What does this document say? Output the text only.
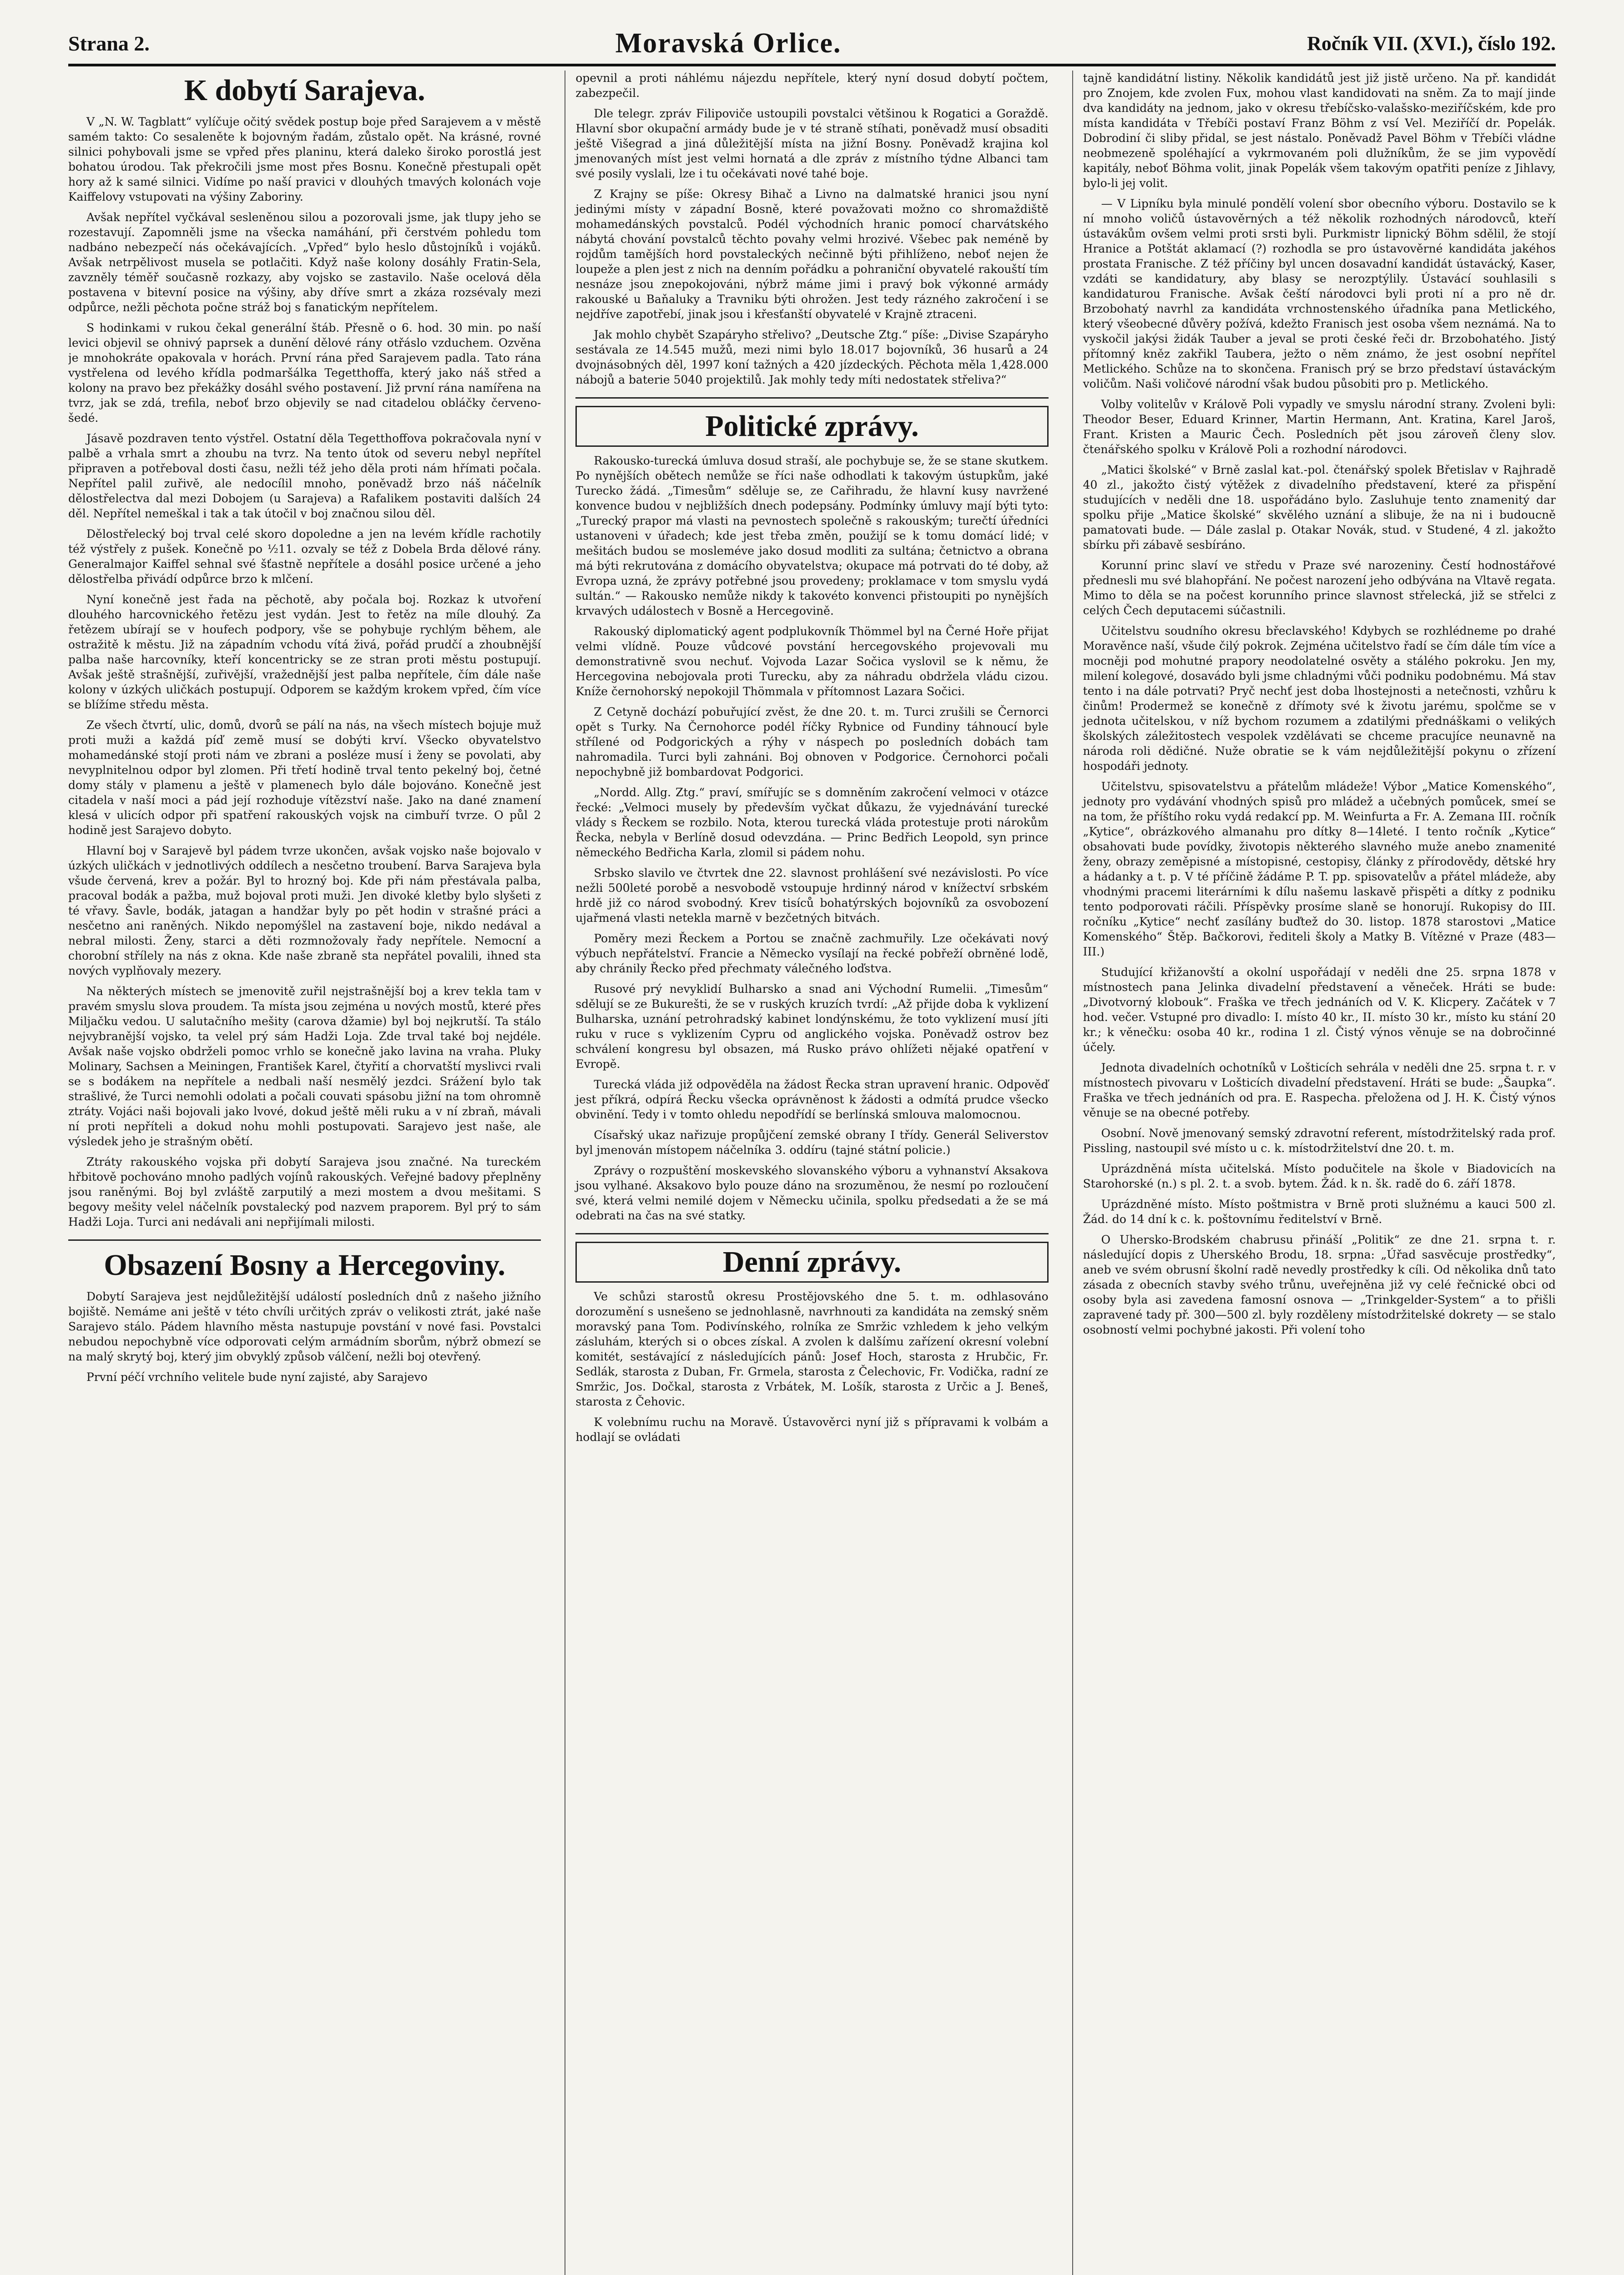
Strana 2.	Moravská Orlice.	Ročník VII. (XVI.), číslo 192.
K dobytí Sarajeva.

V „N. W. Tagblatt“ vylíčuje očitý svědek postup boje před Sarajevem a v městě samém takto: Co sesaleněte k bojovným řadám, zůstalo opět. Na krásné, rovné silnici pohybovali jsme se vpřed přes planinu, která daleko široko porostlá jest bohatou úrodou. Tak překročili jsme most přes Bosnu. Konečně přestupali opět hory až k samé silnici. Vidíme po naší pravici v dlouhých tmavých kolonách voje Kaiffelovy vstupovati na výšiny Zaboriny.

Avšak nepřítel vyčkával sesleněnou silou a pozorovali jsme, jak tlupy jeho se rozestavují. Zapomněli jsme na všecka namáhání, při čerstvém pohledu tom nadbáno nebezpečí nás očekávajících. „Vpřed“ bylo heslo důstojníků i vojáků. Avšak netrpělivost musela se potlačiti. Když naše kolony dosáhly Fratin-Sela, zavzněly téměř současně rozkazy, aby vojsko se zastavilo. Naše ocelová děla postavena v bitevní posice na výšiny, aby dříve smrt a zkáza rozsévaly mezi odpůrce, nežli pěchota počne stráž boj s fanatickým nepřítelem.

S hodinkami v rukou čekal generální štáb. Přesně o 6. hod. 30 min. po naší levici objevil se ohnivý paprsek a dunění dělové rány otřáslo vzduchem. Ozvěna je mnohokráte opakovala v horách. První rána před Sarajevem padla. Tato rána vystřelena od levého křídla podmaršálka Tegetthoffa, který jako náš střed a kolony na pravo bez překážky dosáhl svého postavení. Již první rána namířena na tvrz, jak se zdá, trefila, neboť brzo objevily se nad citadelou obláčky červeno-šedé.

Jásavě pozdraven tento výstřel. Ostatní děla Tegetthoffova pokračovala nyní v palbě a vrhala smrt a zhoubu na tvrz. Na tento útok od severu nebyl nepřítel připraven a potřeboval dosti času, nežli též jeho děla proti nám hřímati počala. Nepřítel palil zuřivě, ale nedocílil mnoho, poněvadž brzo náš náčelník dělostřelectva dal mezi Dobojem (u Sarajeva) a Rafalikem postaviti dalších 24 děl. Nepřítel nemeškal i tak a tak útočil v boj značnou silou děl.

Dělostřelecký boj trval celé skoro dopoledne a jen na levém křídle rachotily též výstřely z pušek. Konečně po ½11. ozvaly se též z Dobela Brda dělové rány. Generalmajor Kaiffel sehnal své šťastně nepřítele a dosáhl posice určené a jeho dělostřelba přivádí odpůrce brzo k mlčení.

Nyní konečně jest řada na pěchotě, aby počala boj. Rozkaz k utvoření dlouhého harcovnického řetězu jest vydán. Jest to řetěz na míle dlouhý. Za řetězem ubírají se v houfech podpory, vše se pohybuje rychlým během, ale ostražitě k městu. Již na západním vchodu vítá živá, pořád prudčí a zhoubnější palba naše harcovníky, kteří koncentricky se ze stran proti městu postupují. Avšak ještě strašnější, zuřivější, vražednější jest palba nepřítele, čím dále naše kolony v úzkých uličkách postupují. Odporem se každým krokem vpřed, čím více se blížíme středu města.

Ze všech čtvrtí, ulic, domů, dvorů se pálí na nás, na všech místech bojuje muž proti muži a každá píď země musí se dobýti krví. Všecko obyvatelstvo mohamedánské stojí proti nám ve zbrani a posléze musí i ženy se povolati, aby nevyplnitelnou odpor byl zlomen. Při třetí hodině trval tento pekelný boj, četné domy stály v plamenu a ještě v plamenech bylo dále bojováno. Konečně jest citadela v naší moci a pád její rozhoduje vítězství naše. Jako na dané znamení klesá v ulicích odpor při spatření rakouských vojsk na cimbuří tvrze. O půl 2 hodině jest Sarajevo dobyto.

Hlavní boj v Sarajevě byl pádem tvrze ukončen, avšak vojsko naše bojovalo v úzkých uličkách v jednotlivých oddílech a nesčetno troubení. Barva Sarajeva byla všude červená, krev a požár. Byl to hrozný boj. Kde při nám přestávala palba, pracoval bodák a pažba, muž bojoval proti muži. Jen divoké kletby bylo slyšeti z té vřavy. Šavle, bodák, jatagan a handžar byly po pět hodin v strašné práci a nesčetno ani raněných. Nikdo nepomýšlel na zastavení boje, nikdo nedával a nebral milosti. Ženy, starci a děti rozmnožovaly řady nepřítele. Nemocní a chorobní střílely na nás z okna. Kde naše zbraně sta nepřátel povalili, ihned sta nových vyplňovaly mezery.

Na některých místech se jmenovitě zuřil nejstrašnější boj a krev tekla tam v pravém smyslu slova proudem. Ta místa jsou zejména u nových mostů, které přes Miljačku vedou. U salutačního mešity (carova džamie) byl boj nejkrutší. Ta stálo nejvybranější vojsko, ta velel prý sám Hadži Loja. Zde trval také boj nejdéle. Avšak naše vojsko obdrželi pomoc vrhlo se konečně jako lavina na vraha. Pluky Molinary, Sachsen a Meiningen, František Karel, čtyřití a chorvatští myslivci rvali se s bodákem na nepřítele a nedbali naší nesmělý jezdci. Srážení bylo tak strašlivé, že Turci nemohli odolati a počali couvati spásobu jižní na tom ohromně ztráty. Vojáci naši bojovali jako lvové, dokud ještě měli ruku a v ní zbraň, mávali ní proti nepříteli a dokud nohu mohli postupovati. Sarajevo jest naše, ale výsledek jeho je strašným obětí.

Ztráty rakouského vojska při dobytí Sarajeva jsou značné. Na tureckém hřbitově pochováno mnoho padlých vojínů rakouských. Veřejné badovy přeplněny jsou raněnými. Boj byl zvláště zarputilý a mezi mostem a dvou mešitami. S begovy mešity velel náčelník povstalecký pod nazvem praporem. Byl prý to sám Hadži Loja. Turci ani nedávali ani nepřijímali milosti.

Obsazení Bosny a Hercegoviny.

Dobytí Sarajeva jest nejdůležitější událostí posledních dnů z našeho jižního bojiště. Nemáme ani ještě v této chvíli určitých zpráv o velikosti ztrát, jaké naše Sarajevo stálo. Pádem hlavního města nastupuje povstání v nové fasi. Povstalci nebudou nepochybně více odporovati celým armádním sborům, nýbrž obmezí se na malý skrytý boj, který jim obvyklý způsob válčení, nežli boj otevřený.

První péčí vrchního velitele bude nyní zajisté, aby Sarajevo

opevnil a proti náhlému nájezdu nepřítele, který nyní dosud dobytí počtem, zabezpečil.

Dle telegr. zpráv Filipoviče ustoupili povstalci většinou k Rogatici a Goraždě. Hlavní sbor okupační armády bude je v té straně stíhati, poněvadž musí obsaditi ještě Višegrad a jiná důležitější místa na jižní Bosny. Poněvadž krajina kol jmenovaných míst jest velmi hornatá a dle zpráv z místního týdne Albanci tam své posily vyslali, lze i tu očekávati nové tahé boje.

Z Krajny se píše: Okresy Bihač a Livno na dalmatské hranici jsou nyní jedinými místy v západní Bosně, které považovati možno co shromaždiště mohamedánských povstalců. Podél východních hranic pomocí charvátského nábytá chování povstalců těchto povahy velmi hrozivé. Všebec pak neméně by rojdům tamějších hord povstaleckých nečinně býti přihlíženo, neboť nejen že loupeže a plen jest z nich na denním pořádku a pohraniční obyvatelé rakouští tím nesnáze jsou znepokojováni, nýbrž máme jimi i pravý bok výkonné armády rakouské u Baňaluky a Travniku býti ohrožen. Jest tedy rázného zakročení i se nejdříve zapotřebí, jinak jsou i křesťanští obyvatelé v Krajně ztraceni.

Jak mohlo chybět Szapáryho střelivo? „Deutsche Ztg.“ píše: „Divise Szapáryho sestávala ze 14.545 mužů, mezi nimi bylo 18.017 bojovníků, 36 husarů a 24 dvojnásobných děl, 1997 koní tažných a 420 jízdeckých. Pěchota měla 1,428.000 nábojů a baterie 5040 projektilů. Jak mohly tedy míti nedostatek střeliva?“

Politické zprávy.

Rakousko-turecká úmluva dosud straší, ale pochybuje se, že se stane skutkem. Po nynějších obětech nemůže se říci naše odhodlati k takovým ústupkům, jaké Turecko žádá. „Timesům“ sděluje se, ze Cařihradu, že hlavní kusy navržené konvence budou v nejbližších dnech podepsány. Podmínky úmluvy mají býti tyto: „Turecký prapor má vlasti na pevnostech společně s rakouským; turečtí úředníci ustanoveni v úřadech; kde jest třeba změn, použijí se k tomu domácí lidé; v mešitách budou se mosleméve jako dosud modliti za sultána; četnictvo a obrana má býti rekrutována z domácího obyvatelstva; okupace má potrvati do té doby, až Evropa uzná, že zprávy potřebné jsou provedeny; proklamace v tom smyslu vydá sultán.“ — Rakousko nemůže nikdy k takovéto konvenci přistoupiti po nynějších krvavých událostech v Bosně a Hercegovině.

Rakouský diplomatický agent podplukovník Thömmel byl na Černé Hoře přijat velmi vlídně. Pouze vůdcové povstání hercegovského projevovali mu demonstrativně svou nechuť. Vojvoda Lazar Sočica vyslovil se k němu, že Hercegovina nebojovala proti Turecku, aby za náhradu obdržela vládu cizou. Kníže černohorský nepokojil Thömmala v přítomnost Lazara Sočici.

Z Cetyně dochází pobuřující zvěst, že dne 20. t. m. Turci zrušili se Černorci opět s Turky. Na Černohorce podél říčky Rybnice od Fundiny táhnoucí byle střílené od Podgorických a rýhy v náspech po posledních dobách tam nahromadila. Turci byli zahnáni. Boj obnoven v Podgorice. Černohorci počali nepochybně již bombardovat Podgorici.

„Nordd. Allg. Ztg.“ praví, smířujíc se s domněním zakročení velmoci v otázce řecké: „Velmoci musely by především vyčkat důkazu, že vyjednávání turecké vlády s Řeckem se rozbilo. Nota, kterou turecká vláda protestuje proti nárokům Řecka, nebyla v Berlíně dosud odevzdána. — Princ Bedřich Leopold, syn prince německého Bedřicha Karla, zlomil si pádem nohu.

Srbsko slavilo ve čtvrtek dne 22. slavnost prohlášení své nezávislosti. Po více nežli 500leté porobě a nesvobodě vstoupuje hrdinný národ v knížectví srbském hrdě již co národ svobodný. Krev tisíců bohatýrských bojovníků za osvobození ujařmená vlasti netekla marně v bezčetných bitvách.

Poměry mezi Řeckem a Portou se značně zachmuřily. Lze očekávati nový výbuch nepřátelství. Francie a Německo vysílají na řecké pobřeží obrněné lodě, aby chránily Řecko před přechmaty válečného loďstva.

Rusové prý nevyklidí Bulharsko a snad ani Východní Rumelii. „Timesům“ sdělují se ze Bukurešti, že se v ruských kruzích tvrdí: „Až přijde doba k vyklizení Bulharska, uznání petrohradský kabinet londýnskému, že toto vyklizení musí jíti ruku v ruce s vyklizením Cypru od anglického vojska. Poněvadž ostrov bez schválení kongresu byl obsazen, má Rusko právo ohlížeti nějaké opatření v Evropě.

Turecká vláda již odpověděla na žádost Řecka stran upravení hranic. Odpověď jest příkrá, odpírá Řecku všecka oprávněnost k žádosti a odmítá prudce všecko obvinění. Tedy i v tomto ohledu nepodřídí se berlínská smlouva malomocnou.

Císařský ukaz nařizuje propůjčení zemské obrany I třídy. Generál Seliverstov byl jmenován místopem náčelníka 3. oddíru (tajné státní policie.)

Zprávy o rozpuštění moskevského slovanského výboru a vyhnanství Aksakova jsou vylhané. Aksakovo bylo pouze dáno na srozuměnou, že nesmí po rozloučení své, která velmi nemilé dojem v Německu učinila, spolku předsedati a že se má odebrati na čas na své statky.

Denní zprávy.

Ve schůzi starostů okresu Prostějovského dne 5. t. m. odhlasováno dorozumění s usnešeno se jednohlasně, navrhnouti za kandidáta na zemský sněm moravský pana Tom. Podivínského, rolníka ze Smržic vzhledem k jeho velkým zásluhám, kterých si o obces získal. A zvolen k dalšímu zařízení okresní volební komitét, sestávající z následujících pánů: Josef Hoch, starosta z Hrubčic, Fr. Sedlák, starosta z Duban, Fr. Grmela, starosta z Čelechovic, Fr. Vodička, radní ze Smržic, Jos. Dočkal, starosta z Vrbátek, M. Lošík, starosta z Určic a J. Beneš, starosta z Čehovic.

K volebnímu ruchu na Moravě. Ústavověrci nyní již s přípravami k volbám a hodlají se ovládati

tajně kandidátní listiny. Několik kandidátů jest již jistě určeno. Na př. kandidát pro Znojem, kde zvolen Fux, mohou vlast kandidovati na sněm. Za to mají jinde dva kandidáty na jednom, jako v okresu třebíčsko-valašsko-meziříčském, kde pro místa kandidáta v Třebíči postaví Franz Böhm z vsí Vel. Meziříčí dr. Popelák. Dobrodiní či sliby přidal, se jest nástalo. Poněvadž Pavel Böhm v Třebíči vládne neobmezeně spoléhající a vykrmovaném poli dlužníkům, že se jim vypovědí kapitály, neboť Böhma volit, jinak Popelák všem takovým opatřiti peníze z Jihlavy, bylo-li jej volit.

— V Lipníku byla minulé pondělí volení sbor obecního výboru. Dostavilo se k ní mnoho voličů ústavověrných a též několik rozhodných národovců, kteří ústavákům ovšem velmi proti srsti byli. Purkmistr lipnický Böhm sdělil, že stojí Hranice a Potštát aklamací (?) rozhodla se pro ústavověrné kandidáta jakéhos prostata Franische. Z též příčiny byl uncen dosavadní kandidát ústavácký, Kaser, vzdáti se kandidatury, aby blasy se nerozptýlily. Ústavácí souhlasili s kandidaturou Franische. Avšak čeští národovci byli proti ní a pro ně dr. Brzobohatý navrhl za kandidáta vrchnostenského úřadníka pana Metlického, který všeobecné důvěry požívá, kdežto Franisch jest osoba všem neznámá. Na to vyskočil jakýsi židák Tauber a jeval se proti české řeči dr. Brzobohatého. Jistý přítomný kněz zakřikl Taubera, ježto o něm známo, že jest osobní nepřítel Metlického. Schůze na to skončena. Franisch prý se brzo představí ústaváckým voličům. Naši voličové národní však budou působiti pro p. Metlického.

Volby volitelův v Králově Poli vypadly ve smyslu národní strany. Zvoleni byli: Theodor Beser, Eduard Krinner, Martin Hermann, Ant. Kratina, Karel Jaroš, Frant. Kristen a Mauric Čech. Posledních pět jsou zároveň členy slov. čtenářského spolku v Králově Poli a rozhodní národovci.

„Matici školské“ v Brně zaslal kat.-pol. čtenářský spolek Břetislav v Rajhradě 40 zl., jakožto čistý výtěžek z divadelního představení, které za přispění studujících v neděli dne 18. uspořádáno bylo. Zasluhuje tento znamenitý dar spolku přije „Matice školské“ skvělého uznání a slibuje, že na ni i budoucně pamatovati bude. — Dále zaslal p. Otakar Novák, stud. v Studené, 4 zl. jakožto sbírku při zábavě sesbíráno.

Korunní princ slaví ve středu v Praze své narozeniny. Čestí hodnostářové přednesli mu své blahopřání. Ne počest narození jeho odbývána na Vltavě regata. Mimo to děla se na počest korunního prince slavnost střelecká, již se střelci z celých Čech deputacemi súčastnili.

Učitelstvu soudního okresu břeclavského! Kdybych se rozhlédneme po drahé Moravěnce naší, všude čilý pokrok. Zejména učitelstvo řadí se čím dále tím více a mocněji pod mohutné prapory neodolatelné osvěty a stálého pokroku. Jen my, milení kolegové, dosavádo byli jsme chladnými vůči podniku podobnému. Má stav tento i na dále potrvati? Pryč nechť jest doba lhostejnosti a netečnosti, vzhůru k činům! Prodermež se konečně z dřímoty své k životu jarému, spolčme se v jednota učitelskou, v níž bychom rozumem a zdatilými přednáškami o velikých školských záležitostech vespolek vzdělávati se chceme pracujíce neunavně na národa roli dědičné. Nuže obratie se k vám nejdůležitější pokynu o zřízení hospodáři jednoty.

Učitelstvu, spisovatelstvu a přátelům mládeže! Výbor „Matice Komenského“, jednoty pro vydávání vhodných spisů pro mládež a učebných pomůcek, smeí se na tom, že příštího roku vydá redakcí pp. M. Weinfurta a Fr. A. Zemana III. ročník „Kytice“, obrázkového almanahu pro dítky 8—14leté. I tento ročník „Kytice“ obsahovati bude povídky, životopis některého slavného muže anebo znamenité ženy, obrazy zeměpisné a místopisné, cestopisy, články z přírodovědy, dětské hry a hádanky a t. p. V té příčině žádáme P. T. pp. spisovatelův a přátel mládeže, aby vhodnými pracemi literárními k dílu našemu laskavě přispěti a dítky z podniku tento podporovati ráčili. Příspěvky prosíme slaně se honorují. Rukopisy do III. ročníku „Kytice“ nechť zasílány buďtež do 30. listop. 1878 starostovi „Matice Komenského“ Štěp. Bačkorovi, řediteli školy a Matky B. Vítězné v Praze (483—III.)

Studující křižanovští a okolní uspořádají v neděli dne 25. srpna 1878 v místnostech pana Jelinka divadelní představení a věneček. Hráti se bude: „Divotvorný klobouk“. Fraška ve třech jednáních od V. K. Klicpery. Začátek v 7 hod. večer. Vstupné pro divadlo: I. místo 40 kr., II. místo 30 kr., místo ku stání 20 kr.; k věnečku: osoba 40 kr., rodina 1 zl. Čistý výnos věnuje se na dobročinné účely.

Jednota divadelních ochotníků v Lošticích sehrála v neděli dne 25. srpna t. r. v místnostech pivovaru v Lošticích divadelní představení. Hráti se bude: „Šaupka“. Fraška ve třech jednáních od pra. E. Raspecha. přeložena od J. H. K. Čistý výnos věnuje se na obecné potřeby.

Osobní. Nově jmenovaný semský zdravotní referent, místodržitelský rada prof. Pissling, nastoupil své místo u c. k. místodržitelství dne 20. t. m.

Uprázdněná místa učitelská. Místo podučitele na škole v Biadovicích na Starohorské (n.) s pl. 2. t. a svob. bytem. Žád. k n. šk. radě do 6. září 1878.

Uprázdněné místo. Místo poštmistra v Brně proti služnému a kauci 500 zl. Žád. do 14 dní k c. k. poštovnímu ředitelství v Brně.

O Uhersko-Brodském chabrusu přináší „Politik“ ze dne 21. srpna t. r. následující dopis z Uherského Brodu, 18. srpna: „Úřad sasvěcuje prostředky“, aneb ve svém obrusní školní radě nevedly prostředky k cíli. Od několika dnů tato zásada z obecních stavby svého trůnu, uveřejněna již vy celé řečnické obci od osoby byla asi zavedena famosní osnova — „Trinkgelder-System“ a to přišli zapravené tady př. 300—500 zl. byly rozděleny místodržitelské dokrety — se stalo osobností velmi pochybné jakosti. Při volení toho
